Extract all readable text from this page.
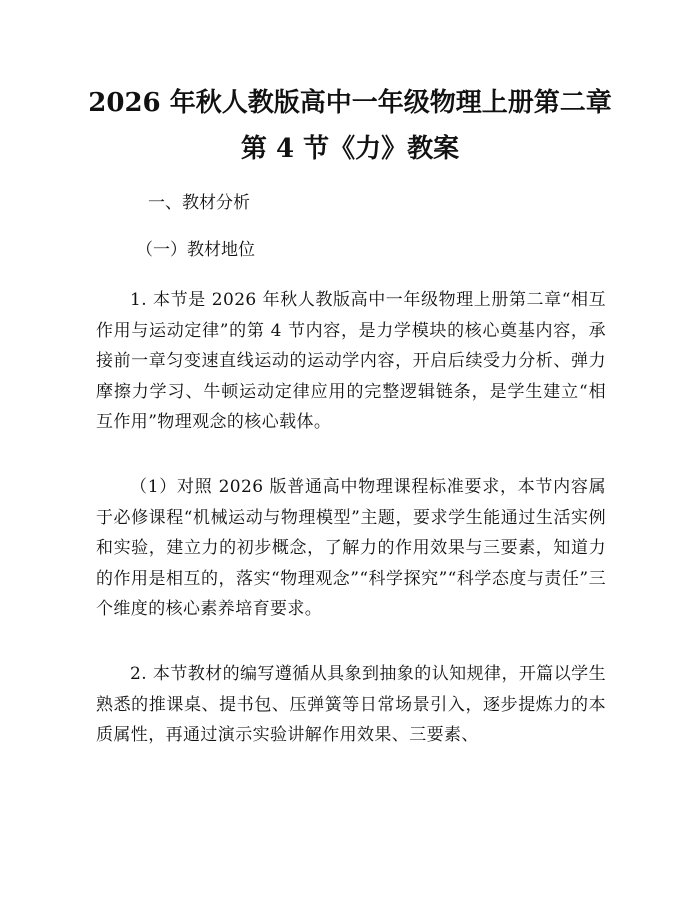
2026 年秋人教版高中一年级物理上册第二章
第 4 节《力》教案
一、教材分析
（一）教材地位

1. 本节是 2026 年秋人教版高中一年级物理上册第二章“相互作用与运动定律”的第 4 节内容，是力学模块的核心奠基内容，承接前一章匀变速直线运动的运动学内容，开启后续受力分析、弹力摩擦力学习、牛顿运动定律应用的完整逻辑链条，是学生建立“相互作用”物理观念的核心载体。

（1）对照 2026 版普通高中物理课程标准要求，本节内容属于必修课程“机械运动与物理模型”主题，要求学生能通过生活实例和实验，建立力的初步概念，了解力的作用效果与三要素，知道力的作用是相互的，落实“物理观念”“科学探究”“科学态度与责任”三个维度的核心素养培育要求。

2. 本节教材的编写遵循从具象到抽象的认知规律，开篇以学生熟悉的推课桌、提书包、压弹簧等日常场景引入，逐步提炼力的本质属性，再通过演示实验讲解作用效果、三要素、
